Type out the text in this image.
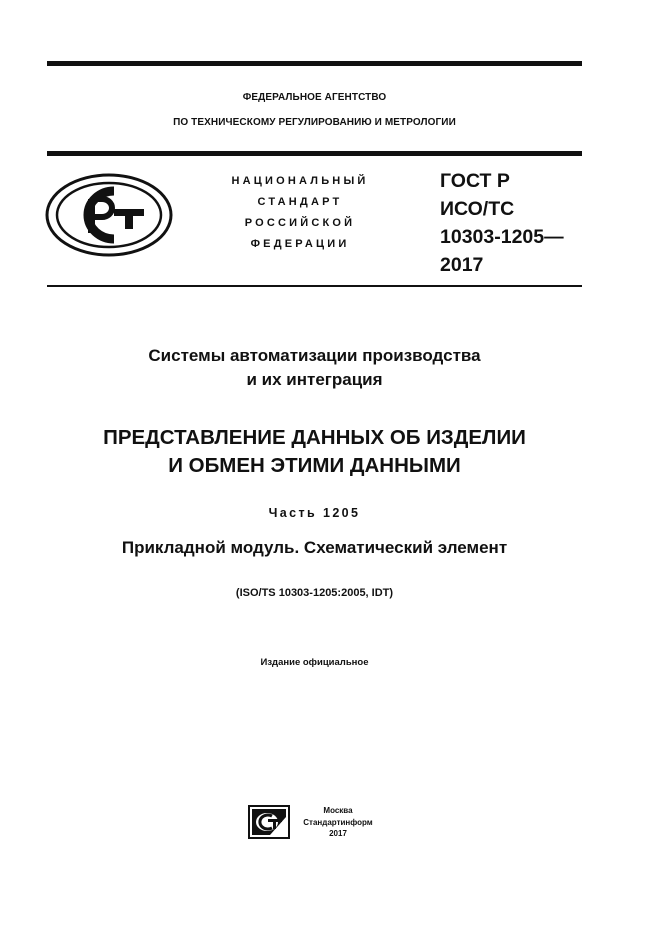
ФЕДЕРАЛЬНОЕ АГЕНТСТВО
ПО ТЕХНИЧЕСКОМУ РЕГУЛИРОВАНИЮ И МЕТРОЛОГИИ
НАЦИОНАЛЬНЫЙ
СТАНДАРТ
РОССИЙСКОЙ
ФЕДЕРАЦИИ
ГОСТ Р
ИСО/ТС
10303-1205—
2017
Системы автоматизации производства
и их интеграция
ПРЕДСТАВЛЕНИЕ ДАННЫХ ОБ ИЗДЕЛИИ
И ОБМЕН ЭТИМИ ДАННЫМИ
Часть 1205
Прикладной модуль. Схематический элемент
(ISO/TS 10303-1205:2005, IDT)
Издание официальное
Москва
Стандартинформ
2017
